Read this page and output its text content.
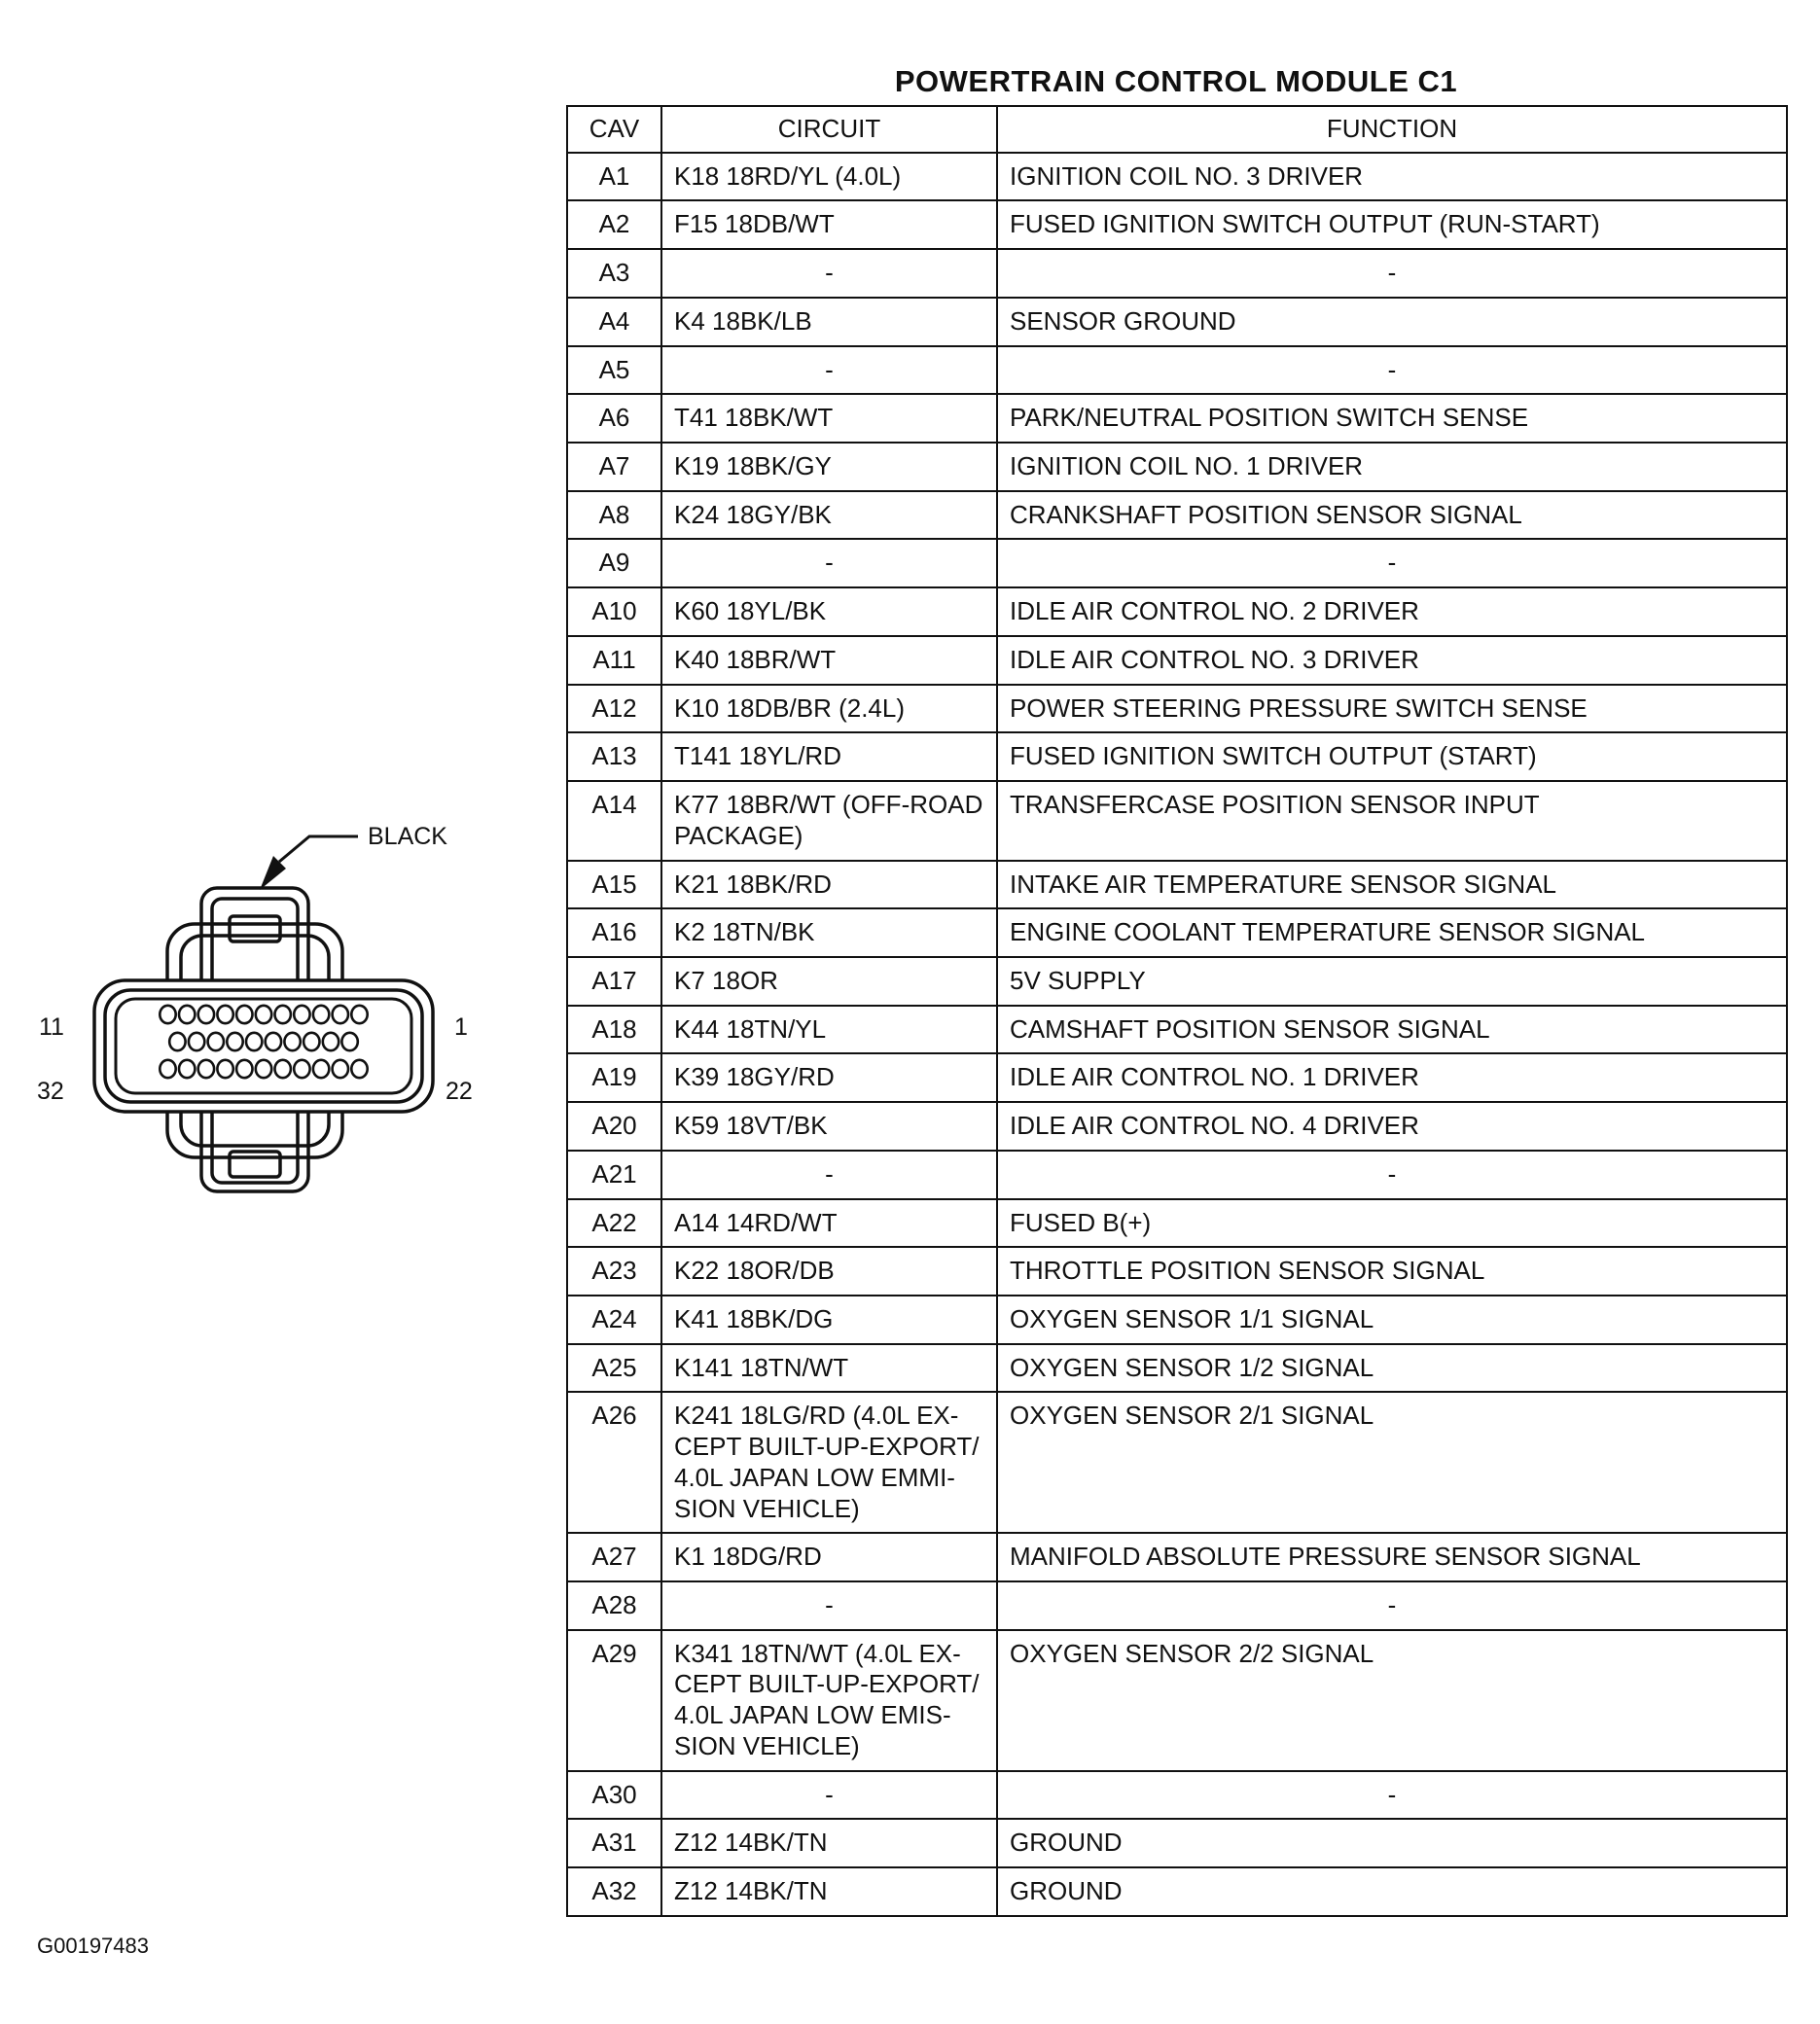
POWERTRAIN CONTROL MODULE C1
CAV	CIRCUIT	FUNCTION
A1	K18 18RD/YL (4.0L)	IGNITION COIL NO. 3 DRIVER
A2	F15 18DB/WT	FUSED IGNITION SWITCH OUTPUT (RUN-START)
A3	-	-
A4	K4 18BK/LB	SENSOR GROUND
A5	-	-
A6	T41 18BK/WT	PARK/NEUTRAL POSITION SWITCH SENSE
A7	K19 18BK/GY	IGNITION COIL NO. 1 DRIVER
A8	K24 18GY/BK	CRANKSHAFT POSITION SENSOR SIGNAL
A9	-	-
A10	K60 18YL/BK	IDLE AIR CONTROL NO. 2 DRIVER
A11	K40 18BR/WT	IDLE AIR CONTROL NO. 3 DRIVER
A12	K10 18DB/BR (2.4L)	POWER STEERING PRESSURE SWITCH SENSE
A13	T141 18YL/RD	FUSED IGNITION SWITCH OUTPUT (START)
A14	K77 18BR/WT (OFF-ROAD PACKAGE)	TRANSFERCASE POSITION SENSOR INPUT
A15	K21 18BK/RD	INTAKE AIR TEMPERATURE SENSOR SIGNAL
A16	K2 18TN/BK	ENGINE COOLANT TEMPERATURE SENSOR SIGNAL
A17	K7 18OR	5V SUPPLY
A18	K44 18TN/YL	CAMSHAFT POSITION SENSOR SIGNAL
A19	K39 18GY/RD	IDLE AIR CONTROL NO. 1 DRIVER
A20	K59 18VT/BK	IDLE AIR CONTROL NO. 4 DRIVER
A21	-	-
A22	A14 14RD/WT	FUSED B(+)
A23	K22 18OR/DB	THROTTLE POSITION SENSOR SIGNAL
A24	K41 18BK/DG	OXYGEN SENSOR 1/1 SIGNAL
A25	K141 18TN/WT	OXYGEN SENSOR 1/2 SIGNAL
A26	K241 18LG/RD (4.0L EX-CEPT BUILT-UP-EXPORT/ 4.0L JAPAN LOW EMMI-SION VEHICLE)	OXYGEN SENSOR 2/1 SIGNAL
A27	K1 18DG/RD	MANIFOLD ABSOLUTE PRESSURE SENSOR SIGNAL
A28	-	-
A29	K341 18TN/WT (4.0L EX-CEPT BUILT-UP-EXPORT/ 4.0L JAPAN LOW EMIS-SION VEHICLE)	OXYGEN SENSOR 2/2 SIGNAL
A30	-	-
A31	Z12 14BK/TN	GROUND
A32	Z12 14BK/TN	GROUND
BLACK
11	1
32	22
G00197483
